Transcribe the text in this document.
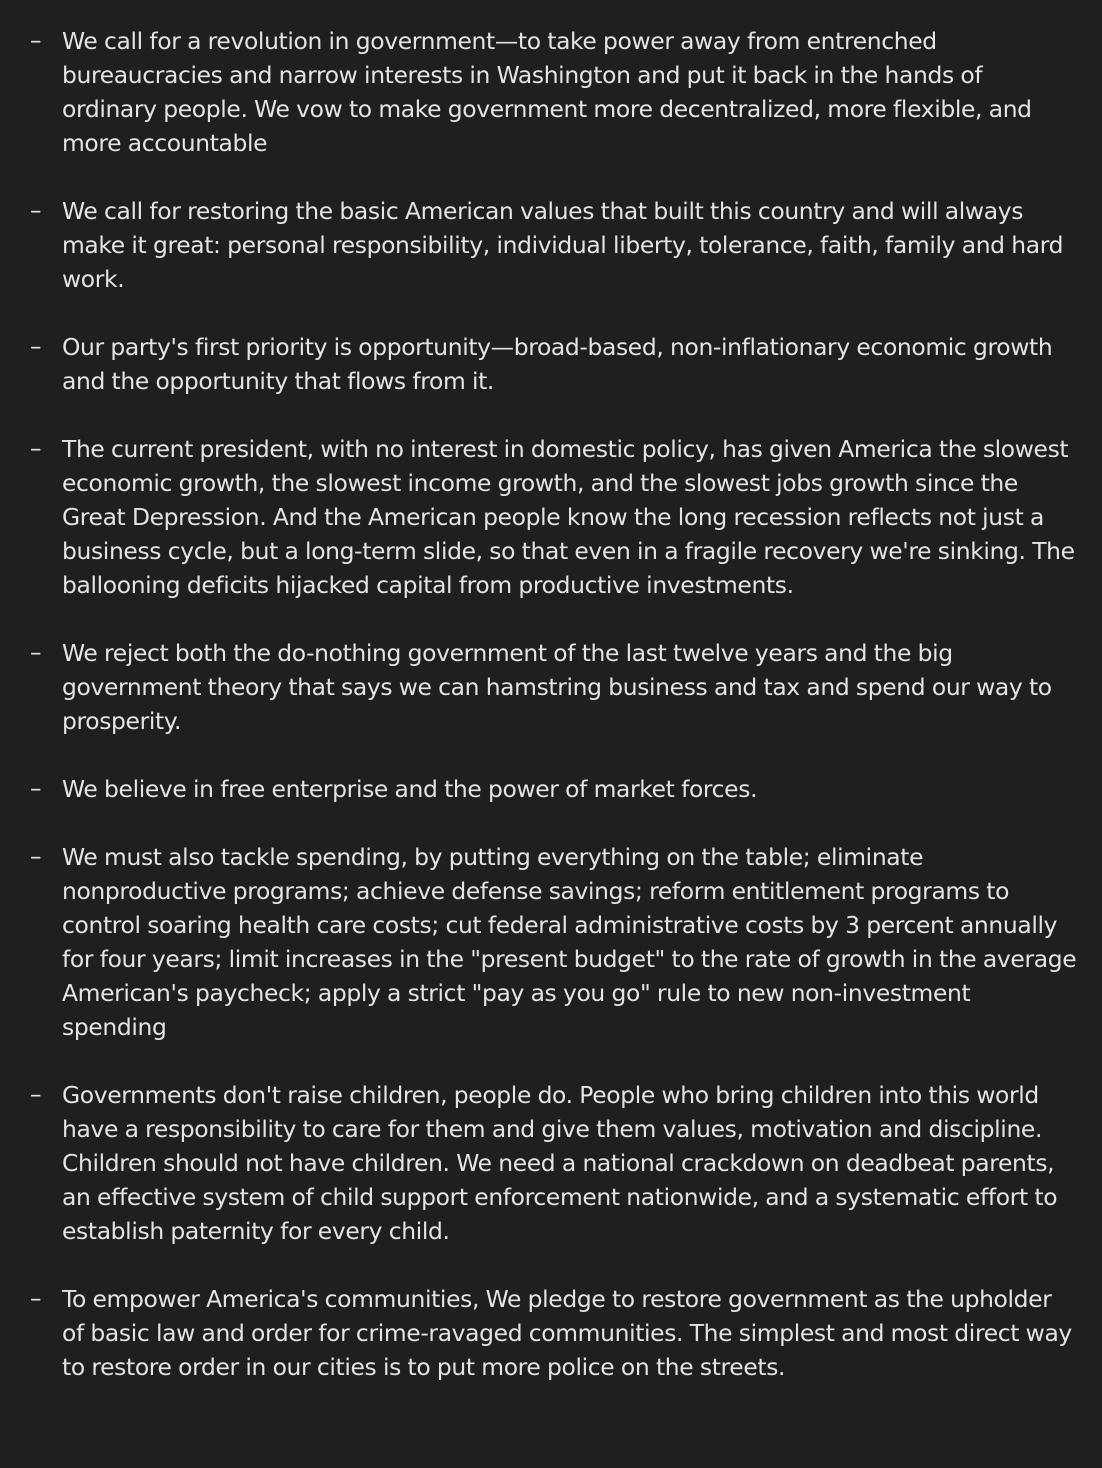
– We call for a revolution in government—to take power away from entrenched bureaucracies and narrow interests in Washington and put it back in the hands of ordinary people. We vow to make government more decentralized, more flexible, and more accountable
– We call for restoring the basic American values that built this country and will always make it great: personal responsibility, individual liberty, tolerance, faith, family and hard work.
– Our party's first priority is opportunity—broad-based, non-inflationary economic growth and the opportunity that flows from it.
– The current president, with no interest in domestic policy, has given America the slowest economic growth, the slowest income growth, and the slowest jobs growth since the Great Depression. And the American people know the long recession reflects not just a business cycle, but a long-term slide, so that even in a fragile recovery we're sinking. The ballooning deficits hijacked capital from productive investments.
– We reject both the do-nothing government of the last twelve years and the big government theory that says we can hamstring business and tax and spend our way to prosperity.
– We believe in free enterprise and the power of market forces.
– We must also tackle spending, by putting everything on the table; eliminate nonproductive programs; achieve defense savings; reform entitlement programs to control soaring health care costs; cut federal administrative costs by 3 percent annually for four years; limit increases in the "present budget" to the rate of growth in the average American's paycheck; apply a strict "pay as you go" rule to new non-investment spending
– Governments don't raise children, people do. People who bring children into this world have a responsibility to care for them and give them values, motivation and discipline. Children should not have children. We need a national crackdown on deadbeat parents, an effective system of child support enforcement nationwide, and a systematic effort to establish paternity for every child.
– To empower America's communities, We pledge to restore government as the upholder of basic law and order for crime-ravaged communities. The simplest and most direct way to restore order in our cities is to put more police on the streets.
